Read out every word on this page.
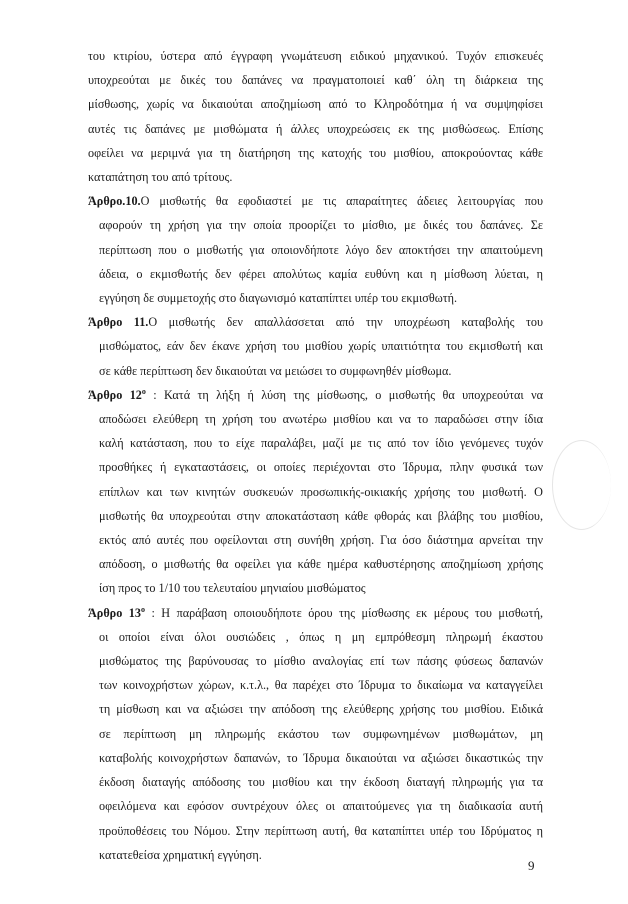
του κτιρίου, ύστερα από έγγραφη γνωμάτευση ειδικού μηχανικού. Τυχόν επισκευές

υποχρεούται με δικές του δαπάνες να πραγματοποιεί καθ΄ όλη τη διάρκεια της

μίσθωσης, χωρίς να δικαιούται αποζημίωση από το Κληροδότημα ή να συμψηφίσει

αυτές τις δαπάνες με μισθώματα ή άλλες υποχρεώσεις εκ της μισθώσεως. Επίσης

οφείλει να μεριμνά για τη διατήρηση της κατοχής του μισθίου, αποκρούοντας κάθε

καταπάτηση του από τρίτους.

Άρθρο.10.Ο μισθωτής θα εφοδιαστεί με τις απαραίτητες άδειες λειτουργίας που

αφορούν τη χρήση για την οποία προορίζει το μίσθιο, με δικές του δαπάνες. Σε

περίπτωση που ο μισθωτής για οποιονδήποτε λόγο δεν αποκτήσει την απαιτούμενη

άδεια, ο εκμισθωτής δεν φέρει απολύτως καμία ευθύνη και η μίσθωση λύεται, η

εγγύηση δε συμμετοχής στο διαγωνισμό καταπίπτει υπέρ του εκμισθωτή.

Άρθρο 11.Ο μισθωτής δεν απαλλάσσεται από την υποχρέωση καταβολής του

μισθώματος, εάν δεν έκανε χρήση του μισθίου χωρίς υπαιτιότητα του εκμισθωτή και

σε κάθε περίπτωση δεν δικαιούται να μειώσει το συμφωνηθέν μίσθωμα.

Άρθρο $12^o$ : Κατά τη λήξη ή λύση της μίσθωσης, ο μισθωτής θα υποχρεούται να

αποδώσει ελεύθερη τη χρήση του ανωτέρω μισθίου και να το παραδώσει στην ίδια

καλή κατάσταση, που το είχε παραλάβει, μαζί με τις από τον ίδιο γενόμενες τυχόν

προσθήκες ή εγκαταστάσεις, οι οποίες περιέχονται στο Ίδρυμα, πλην φυσικά των

επίπλων και των κινητών συσκευών προσωπικής-οικιακής χρήσης του μισθωτή. Ο

μισθωτής θα υποχρεούται στην αποκατάσταση κάθε φθοράς και βλάβης του μισθίου,

εκτός από αυτές που οφείλονται στη συνήθη χρήση. Για όσο διάστημα αρνείται την

απόδοση, ο μισθωτής θα οφείλει για κάθε ημέρα καθυστέρησης αποζημίωση χρήσης

ίση προς το 1/10 του τελευταίου μηνιαίου μισθώματος

Άρθρο $13^o$ : Η παράβαση οποιουδήποτε όρου της μίσθωσης εκ μέρους του μισθωτή,

οι οποίοι είναι όλοι ουσιώδεις , όπως η μη εμπρόθεσμη πληρωμή έκαστου

μισθώματος της βαρύνουσας το μίσθιο αναλογίας επί των πάσης φύσεως δαπανών

των κοινοχρήστων χώρων, κ.τ.λ., θα παρέχει στο Ίδρυμα το δικαίωμα να καταγγείλει

τη μίσθωση και να αξιώσει την απόδοση της ελεύθερης χρήσης του μισθίου. Ειδικά

σε περίπτωση μη πληρωμής εκάστου των συμφωνημένων μισθωμάτων, μη

καταβολής κοινοχρήστων δαπανών, το Ίδρυμα δικαιούται να αξιώσει δικαστικώς την

έκδοση διαταγής απόδοσης του μισθίου και την έκδοση διαταγή πληρωμής για τα

οφειλόμενα και εφόσον συντρέχουν όλες οι απαιτούμενες για τη διαδικασία αυτή

προϋποθέσεις του Νόμου. Στην περίπτωση αυτή, θα καταπίπτει υπέρ του Ιδρύματος η

κατατεθείσα χρηματική εγγύηση.

9
